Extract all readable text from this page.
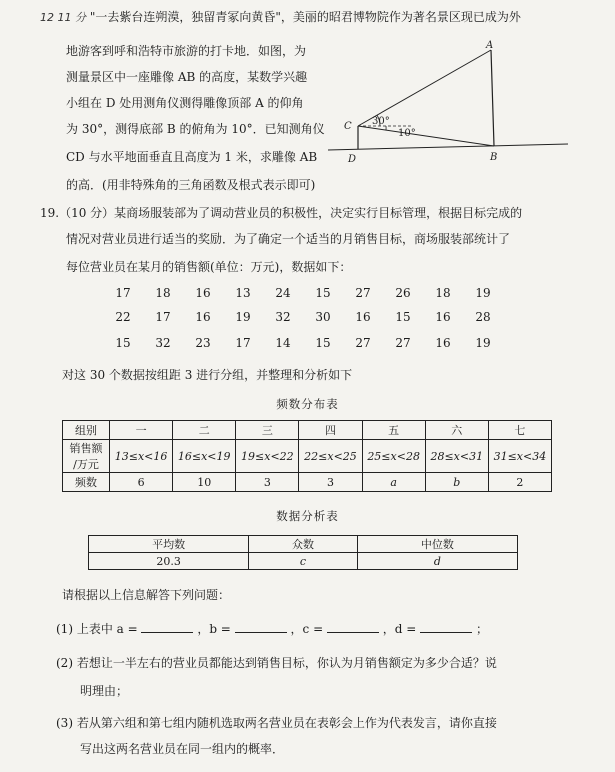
12 11 分 "一去紫台连朔漠，独留青冢向黄昏"，美丽的昭君博物院作为著名景区现已成为外
地游客到呼和浩特市旅游的打卡地．如图，为
测量景区中一座雕像 AB 的高度，某数学兴趣
小组在 D 处用测角仪测得雕像顶部 A 的仰角
为 30°，测得底部 B 的俯角为 10°．已知测角仪
CD 与水平地面垂直且高度为 1 米，求雕像 AB
的高．(用非特殊角的三角函数及根式表示即可)
A
B
C
D
30°
10°
19.（10 分）某商场服装部为了调动营业员的积极性，决定实行目标管理，根据目标完成的
情况对营业员进行适当的奖励．为了确定一个适当的月销售目标，商场服装部统计了
每位营业员在某月的销售额(单位：万元)，数据如下：
17	18	16	13	24	15	27	26	18	19
22	17	16	19	32	30	16	15	16	28
15	32	23	17	14	15	27	27	16	19
对这 30 个数据按组距 3 进行分组，并整理和分析如下
频数分布表
组别	一	二	三	四	五	六	七

销售额
/万元	13≤x<16	16≤x<19	19≤x<22	22≤x<25	25≤x<28	28≤x<31	31≤x<34
频数	6	10	3	3	a	b	2
数据分析表
平均数	众数	中位数
20.3	c	d
请根据以上信息解答下列问题：
(1) 上表中 a =	，b =	，c =	，d =	；
(2) 若想让一半左右的营业员都能达到销售目标，你认为月销售额定为多少合适？说
明理由；
(3) 若从第六组和第七组内随机选取两名营业员在表彰会上作为代表发言，请你直接
写出这两名营业员在同一组内的概率．
